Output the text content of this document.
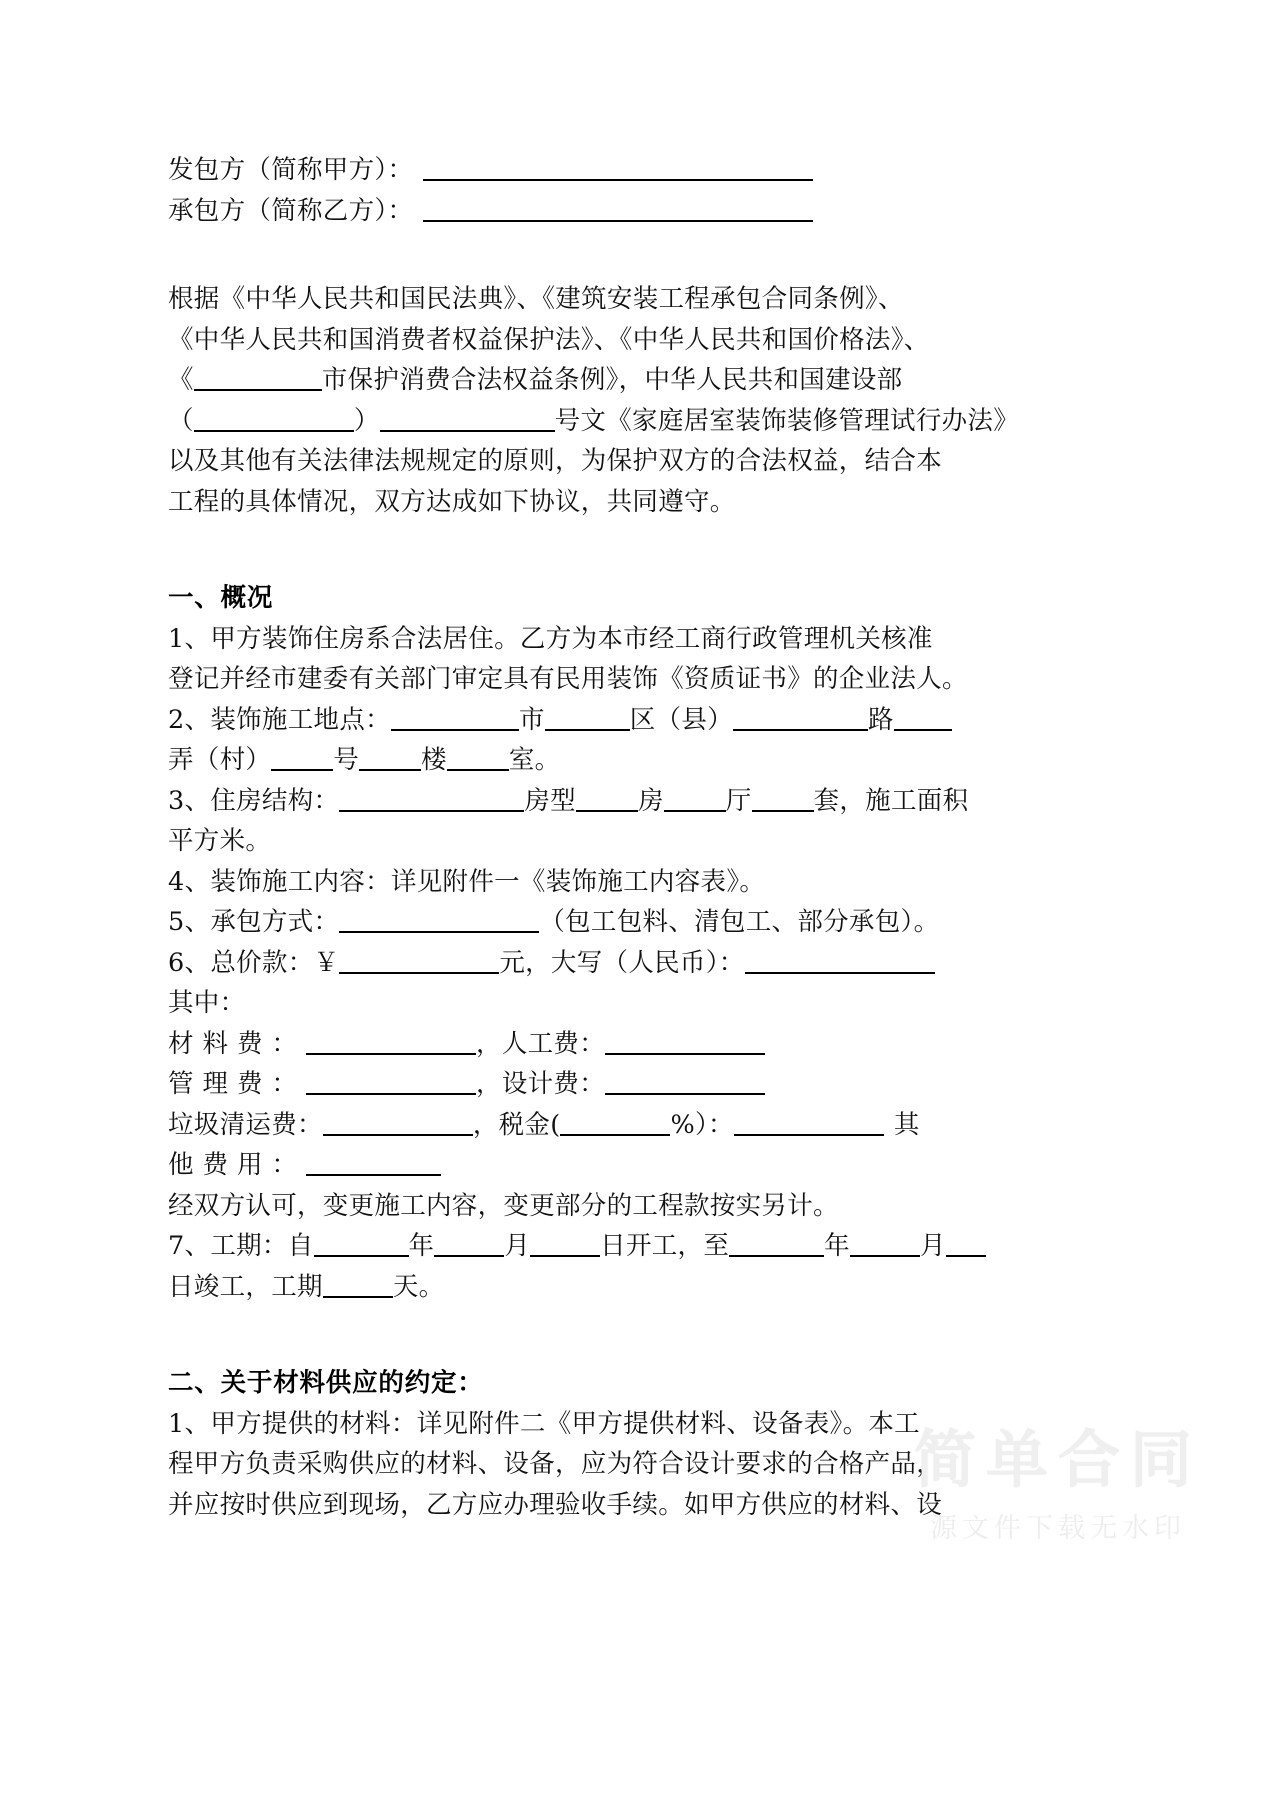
发包方（简称甲方）：
承包方（简称乙方）：
根据《中华人民共和国民法典》、《建筑安装工程承包合同条例》、
《中华人民共和国消费者权益保护法》、《中华人民共和国价格法》、
《	市保护消费合法权益条例》，中华人民共和国建设部
（	）	号文《家庭居室装饰装修管理试行办法》
以及其他有关法律法规规定的原则，为保护双方的合法权益，结合本
工程的具体情况，双方达成如下协议，共同遵守。
一、概况
1、甲方装饰住房系合法居住。乙方为本市经工商行政管理机关核准
登记并经市建委有关部门审定具有民用装饰《资质证书》的企业法人。
2、装饰施工地点：	市	区（县）	路
弄（村） 号 楼 室。
3、住房结构：	房型 房 厅 套，施工面积
平方米。
4、装饰施工内容：详见附件一《装饰施工内容表》。
5、承包方式：	（包工包料、清包工、部分承包）。
6、总价款：￥	元，大写（人民币）：
其中：
材料费：	，人工费：
管理费：	，设计费：
垃圾清运费：	，税金(	%）：	其
他费用：
经双方认可，变更施工内容，变更部分的工程款按实另计。
7、工期：自	年	月	日开工，至	年	月
日竣工，工期	天。
二、关于材料供应的约定：
1、甲方提供的材料：详见附件二《甲方提供材料、设备表》。本工
程甲方负责采购供应的材料、设备，应为符合设计要求的合格产品，
并应按时供应到现场，乙方应办理验收手续。如甲方供应的材料、设
简单合同
源文件下载无水印
